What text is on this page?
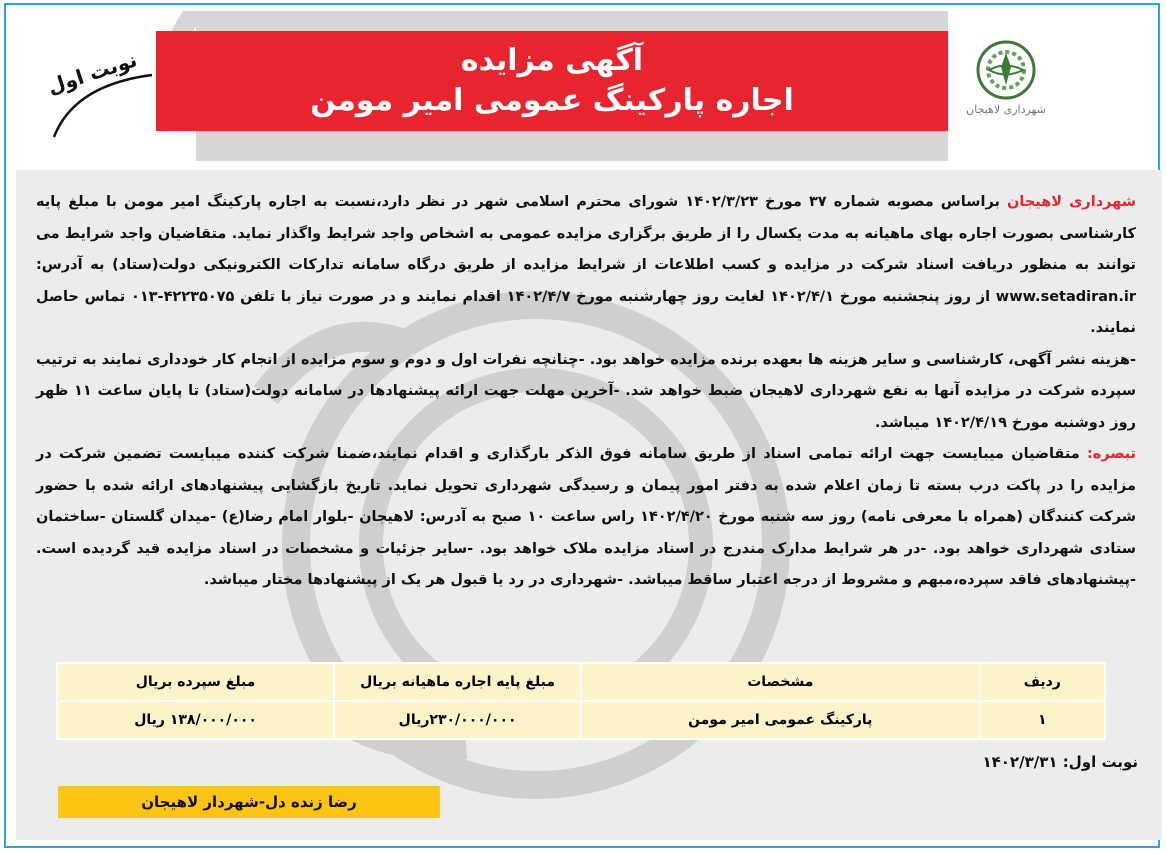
آگهی مزایده
اجاره پارکینگ عمومی امیر مومن	شهرداری لاهیجان
نوبت اول

شهرداری لاهیجان براساس مصوبه شماره ۳۷ مورخ ۱۴۰۲/۳/۲۳ شورای محترم اسلامی شهر در نظر دارد،نسبت به اجاره پارکینگ امیر مومن با مبلغ پایه کارشناسی بصورت اجاره بهای ماهیانه به مدت یکسال را از طریق برگزاری مزایده عمومی به اشخاص واجد شرایط واگذار نماید. متقاضیان واجد شرایط می توانند به منظور دریافت اسناد شرکت در مزایده و کسب اطلاعات از شرایط مزایده از طریق درگاه سامانه تدارکات الکترونیکی دولت(ستاد) به آدرس: www.setadiran.ir از روز پنجشنبه مورخ ۱۴۰۲/۴/۱ لغایت روز چهارشنبه مورخ ۱۴۰۲/۴/۷ اقدام نمایند و در صورت نیاز با تلفن ۴۲۲۳۵۰۷۵-۰۱۳ تماس حاصل نمایند.

-هزینه نشر آگهی، کارشناسی و سایر هزینه ها بعهده برنده مزایده خواهد بود. -چنانچه نفرات اول و دوم و سوم مزایده از انجام کار خودداری نمایند به ترتیب سپرده شرکت در مزایده آنها به نفع شهرداری لاهیجان ضبط خواهد شد. -آخرین مهلت جهت ارائه پیشنهادها در سامانه دولت(ستاد) تا پایان ساعت ۱۱ ظهر روز دوشنبه مورخ ۱۴۰۲/۴/۱۹ میباشد.

تبصره: متقاضیان میبایست جهت ارائه تمامی اسناد از طریق سامانه فوق الذکر بارگذاری و اقدام نمایند،ضمنا شرکت کننده میبایست تضمین شرکت در مزایده را در پاکت درب بسته تا زمان اعلام شده به دفتر امور پیمان و رسیدگی شهرداری تحویل نماید. تاریخ بازگشایی پیشنهادهای ارائه شده با حضور شرکت کنندگان (همراه با معرفی نامه) روز سه شنبه مورخ ۱۴۰۲/۴/۲۰ راس ساعت ۱۰ صبح به آدرس: لاهیجان -بلوار امام رضا(ع) -میدان گلستان -ساختمان ستادی شهرداری خواهد بود. -در هر شرایط مدارک مندرج در اسناد مزایده ملاک خواهد بود. -سایر جزئیات و مشخصات در اسناد مزایده قید گردیده است. -پیشنهادهای فاقد سپرده،مبهم و مشروط از درجه اعتبار ساقط میباشد. -شهرداری در رد یا قبول هر یک از پیشنهادها مختار میباشد.

ردیف	مشخصات	مبلغ پایه اجاره ماهیانه بریال	مبلغ سپرده بریال
۱	پارکینگ عمومی امیر مومن	۲۳۰/۰۰۰/۰۰۰ریال	۱۳۸/۰۰۰/۰۰۰ ریال
نوبت اول: ۱۴۰۲/۳/۳۱
رضا زنده دل-شهردار لاهیجان
